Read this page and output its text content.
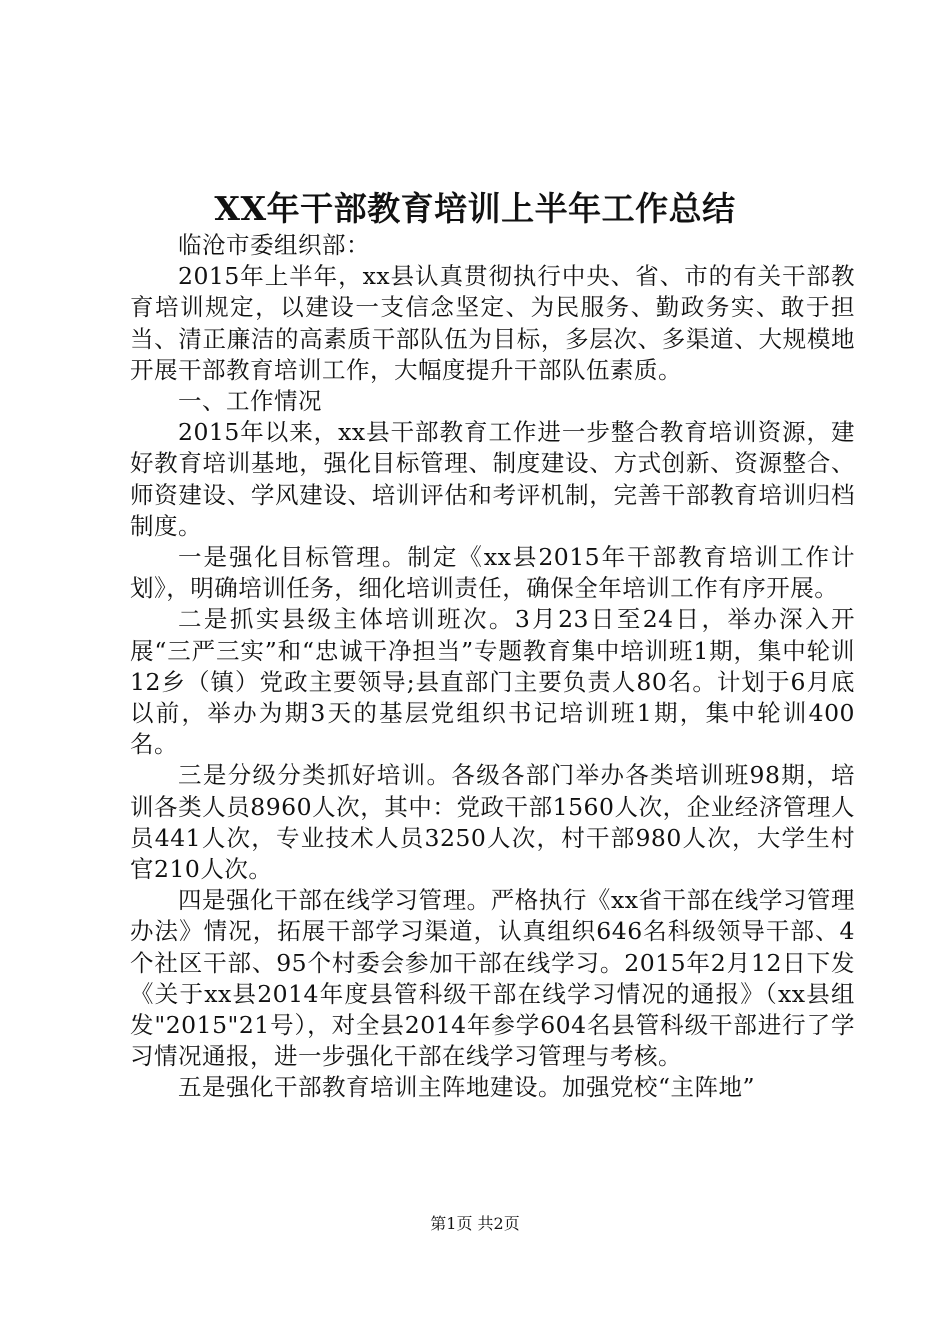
XX年干部教育培训上半年工作总结

临沧市委组织部：

2015年上半年，xx县认真贯彻执行中央、省、市的有关干部教育培训规定，以建设一支信念坚定、为民服务、勤政务实、敢于担当、清正廉洁的高素质干部队伍为目标，多层次、多渠道、大规模地开展干部教育培训工作，大幅度提升干部队伍素质。

一、工作情况

2015年以来，xx县干部教育工作进一步整合教育培训资源，建好教育培训基地，强化目标管理、制度建设、方式创新、资源整合、师资建设、学风建设、培训评估和考评机制，完善干部教育培训归档制度。

一是强化目标管理。制定《xx县2015年干部教育培训工作计划》，明确培训任务，细化培训责任，确保全年培训工作有序开展。

二是抓实县级主体培训班次。3月23日至24日，举办深入开展“三严三实”和“忠诚干净担当”专题教育集中培训班1期，集中轮训12乡（镇）党政主要领导;县直部门主要负责人80名。计划于6月底以前，举办为期3天的基层党组织书记培训班1期，集中轮训400名。

三是分级分类抓好培训。各级各部门举办各类培训班98期，培训各类人员8960人次，其中：党政干部1560人次，企业经济管理人员441人次，专业技术人员3250人次，村干部980人次，大学生村官210人次。

四是强化干部在线学习管理。严格执行《xx省干部在线学习管理办法》情况，拓展干部学习渠道，认真组织646名科级领导干部、4个社区干部、95个村委会参加干部在线学习。2015年2月12日下发《关于xx县2014年度县管科级干部在线学习情况的通报》（xx县组发"2015"21号），对全县2014年参学604名县管科级干部进行了学习情况通报，进一步强化干部在线学习管理与考核。

五是强化干部教育培训主阵地建设。加强党校“主阵地”

第1页 共2页
